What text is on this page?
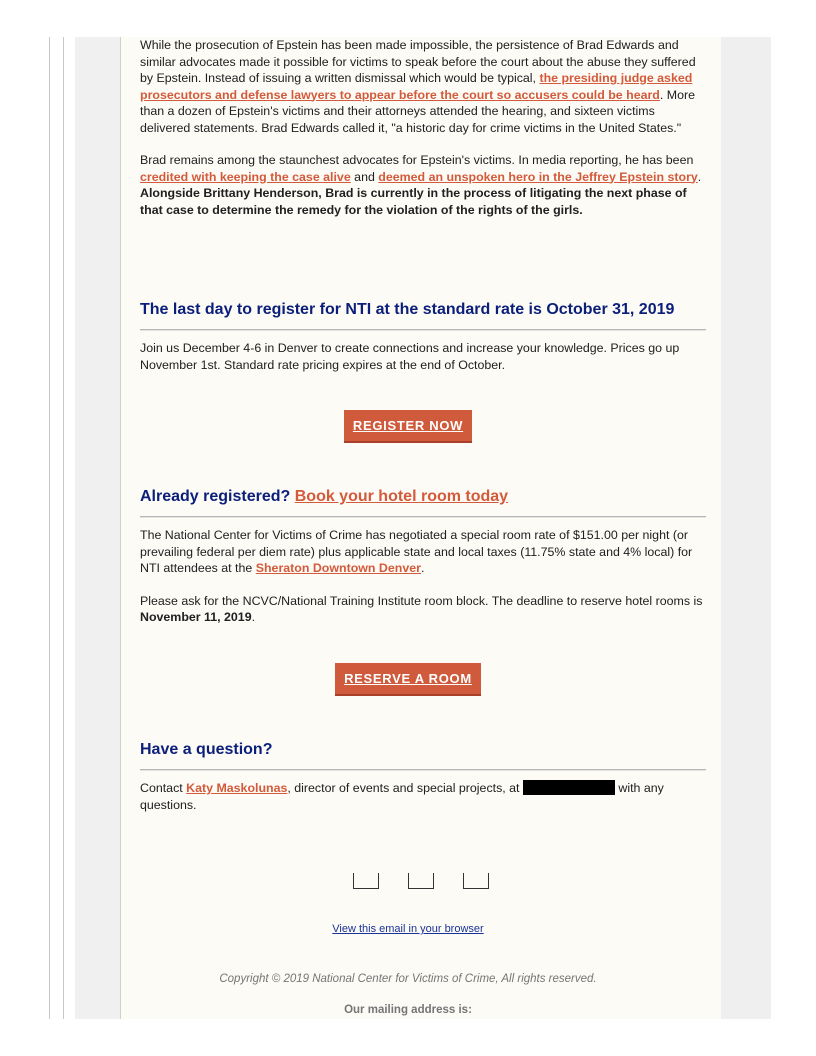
While the prosecution of Epstein has been made impossible, the persistence of Brad Edwards and similar advocates made it possible for victims to speak before the court about the abuse they suffered by Epstein. Instead of issuing a written dismissal which would be typical, the presiding judge asked prosecutors and defense lawyers to appear before the court so accusers could be heard. More than a dozen of Epstein's victims and their attorneys attended the hearing, and sixteen victims delivered statements. Brad Edwards called it, "a historic day for crime victims in the United States."

Brad remains among the staunchest advocates for Epstein's victims. In media reporting, he has been credited with keeping the case alive and deemed an unspoken hero in the Jeffrey Epstein story. Alongside Brittany Henderson, Brad is currently in the process of litigating the next phase of that case to determine the remedy for the violation of the rights of the girls.

The last day to register for NTI at the standard rate is October 31, 2019

Join us December 4-6 in Denver to create connections and increase your knowledge. Prices go up November 1st. Standard rate pricing expires at the end of October.

REGISTER NOW
Already registered? Book your hotel room today

The National Center for Victims of Crime has negotiated a special room rate of $151.00 per night (or prevailing federal per diem rate) plus applicable state and local taxes (11.75% state and 4% local) for NTI attendees at the Sheraton Downtown Denver.

Please ask for the NCVC/National Training Institute room block. The deadline to reserve hotel rooms is November 11, 2019.

RESERVE A ROOM
Have a question?

Contact Katy Maskolunas, director of events and special projects, at	with any questions.

View this email in your browser
Copyright © 2019 National Center for Victims of Crime, All rights reserved.
Our mailing address is:
